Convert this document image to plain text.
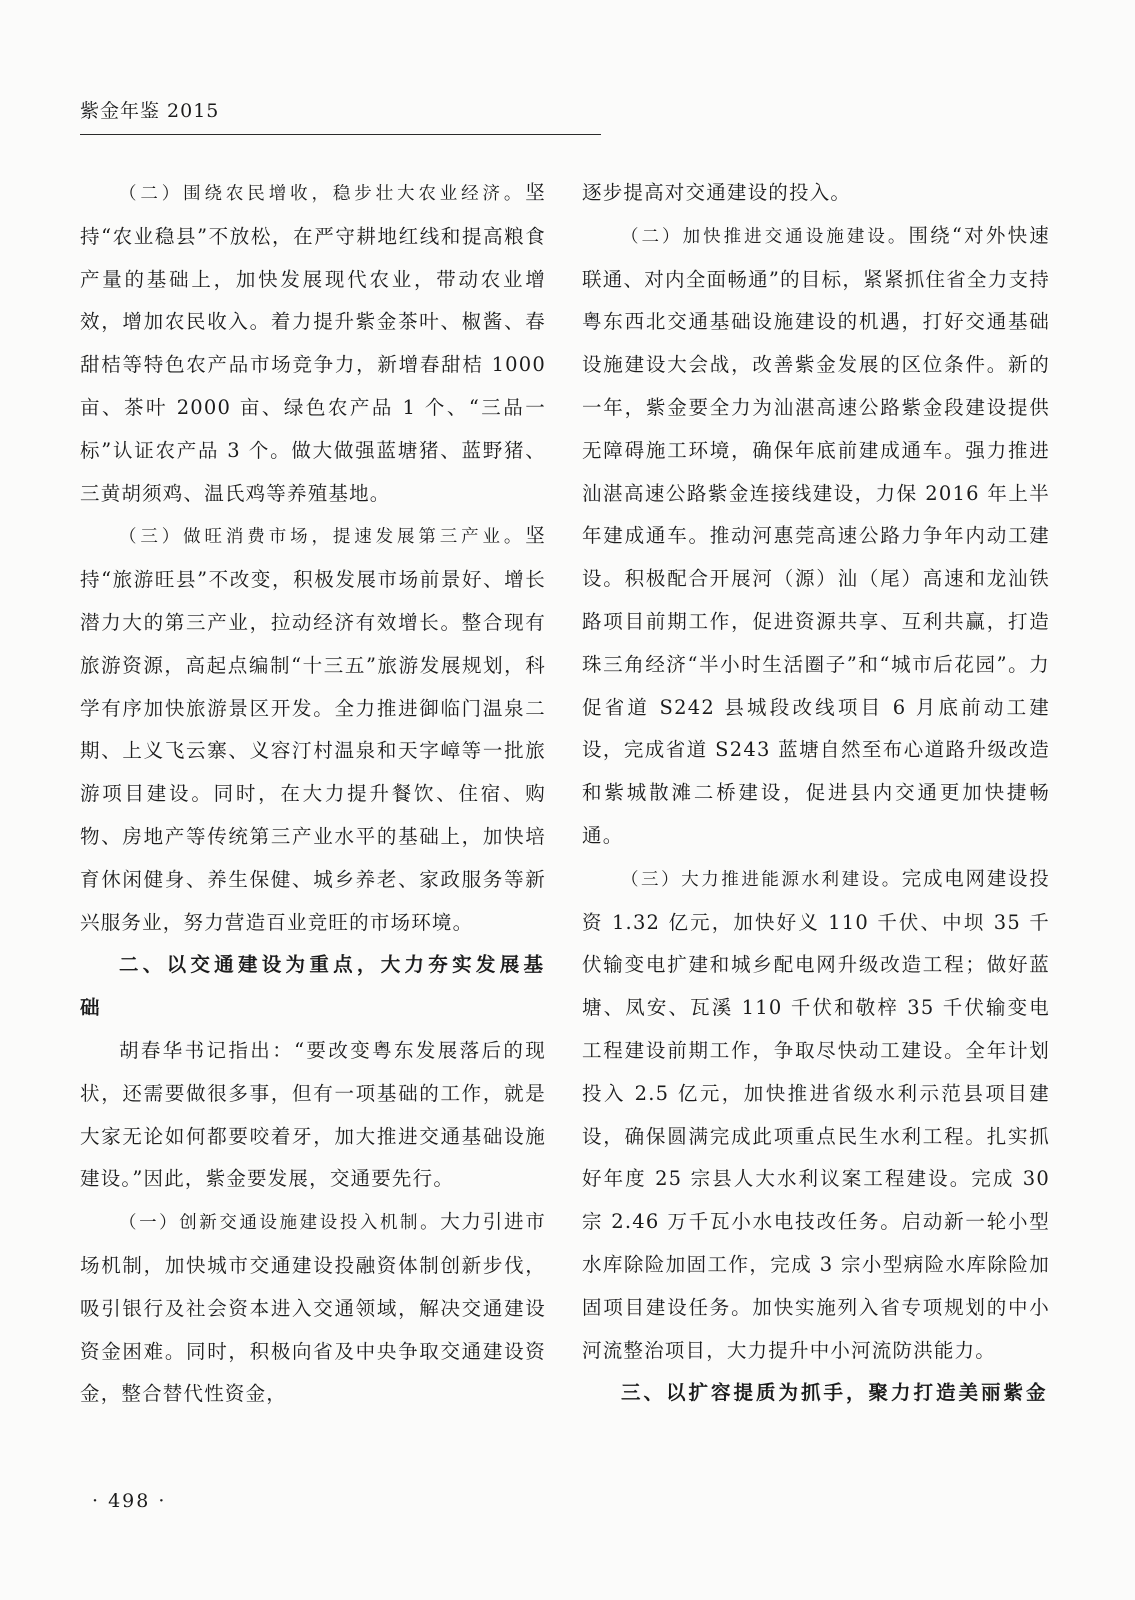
紫金年鉴 2015

（二）围绕农民增收，稳步壮大农业经济。坚持“农业稳县”不放松，在严守耕地红线和提高粮食产量的基础上，加快发展现代农业，带动农业增效，增加农民收入。着力提升紫金茶叶、椒酱、春甜桔等特色农产品市场竞争力，新增春甜桔 1000 亩、茶叶 2000 亩、绿色农产品 1 个、“三品一标”认证农产品 3 个。做大做强蓝塘猪、蓝野猪、三黄胡须鸡、温氏鸡等养殖基地。

（三）做旺消费市场，提速发展第三产业。坚持“旅游旺县”不改变，积极发展市场前景好、增长潜力大的第三产业，拉动经济有效增长。整合现有旅游资源，高起点编制“十三五”旅游发展规划，科学有序加快旅游景区开发。全力推进御临门温泉二期、上义飞云寨、义容汀村温泉和天字嶂等一批旅游项目建设。同时，在大力提升餐饮、住宿、购物、房地产等传统第三产业水平的基础上，加快培育休闲健身、养生保健、城乡养老、家政服务等新兴服务业，努力营造百业竞旺的市场环境。

二、以交通建设为重点，大力夯实发展基础

胡春华书记指出：“要改变粤东发展落后的现状，还需要做很多事，但有一项基础的工作，就是大家无论如何都要咬着牙，加大推进交通基础设施建设。”因此，紫金要发展，交通要先行。

（一）创新交通设施建设投入机制。大力引进市场机制，加快城市交通建设投融资体制创新步伐，吸引银行及社会资本进入交通领域，解决交通建设资金困难。同时，积极向省及中央争取交通建设资金，整合替代性资金，

逐步提高对交通建设的投入。

（二）加快推进交通设施建设。围绕“对外快速联通、对内全面畅通”的目标，紧紧抓住省全力支持粤东西北交通基础设施建设的机遇，打好交通基础设施建设大会战，改善紫金发展的区位条件。新的一年，紫金要全力为汕湛高速公路紫金段建设提供无障碍施工环境，确保年底前建成通车。强力推进汕湛高速公路紫金连接线建设，力保 2016 年上半年建成通车。推动河惠莞高速公路力争年内动工建设。积极配合开展河（源）汕（尾）高速和龙汕铁路项目前期工作，促进资源共享、互利共赢，打造珠三角经济“半小时生活圈子”和“城市后花园”。力促省道 S242 县城段改线项目 6 月底前动工建设，完成省道 S243 蓝塘自然至布心道路升级改造和紫城散滩二桥建设，促进县内交通更加快捷畅通。

（三）大力推进能源水利建设。完成电网建设投资 1.32 亿元，加快好义 110 千伏、中坝 35 千伏输变电扩建和城乡配电网升级改造工程；做好蓝塘、凤安、瓦溪 110 千伏和敬梓 35 千伏输变电工程建设前期工作，争取尽快动工建设。全年计划投入 2.5 亿元，加快推进省级水利示范县项目建设，确保圆满完成此项重点民生水利工程。扎实抓好年度 25 宗县人大水利议案工程建设。完成 30 宗 2.46 万千瓦小水电技改任务。启动新一轮小型水库除险加固工作，完成 3 宗小型病险水库除险加固项目建设任务。加快实施列入省专项规划的中小河流整治项目，大力提升中小河流防洪能力。

三、以扩容提质为抓手，聚力打造美丽紫金

· 498 ·
